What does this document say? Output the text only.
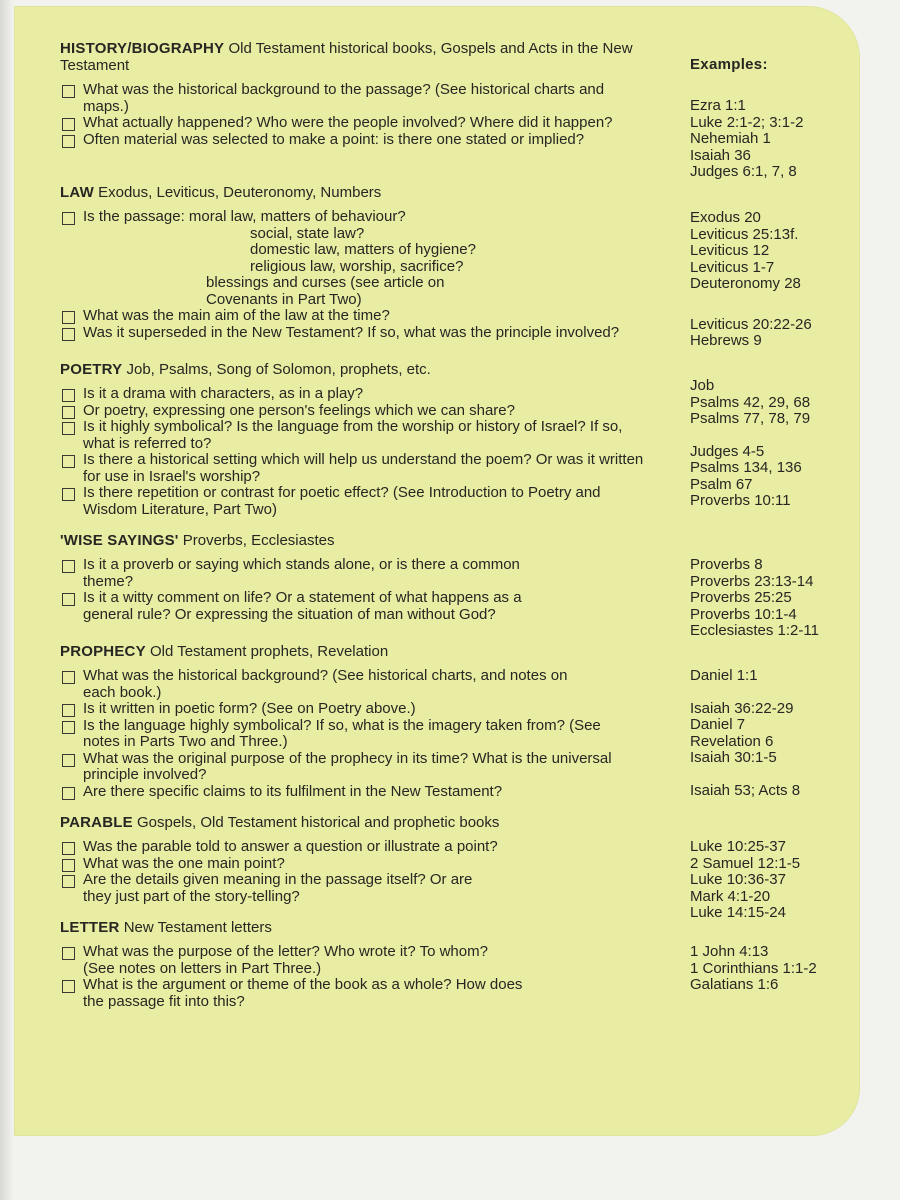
Examples:
HISTORY/BIOGRAPHY Old Testament historical books, Gospels and Acts in the New Testament
What was the historical background to the passage? (See historical charts and maps.)
What actually happened? Who were the people involved? Where did it happen?
Often material was selected to make a point: is there one stated or implied?
Ezra 1:1
Luke 2:1-2; 3:1-2
Nehemiah 1
Isaiah 36
Judges 6:1, 7, 8
LAW Exodus, Leviticus, Deuteronomy, Numbers
Is the passage: moral law, matters of behaviour?
social, state law?
domestic law, matters of hygiene?
religious law, worship, sacrifice?
blessings and curses (see article on Covenants in Part Two)
What was the main aim of the law at the time?
Was it superseded in the New Testament? If so, what was the principle involved?
Exodus 20
Leviticus 25:13f.
Leviticus 12
Leviticus 1-7
Deuteronomy 28
Leviticus 20:22-26
Hebrews 9
POETRY Job, Psalms, Song of Solomon, prophets, etc.
Is it a drama with characters, as in a play?
Or poetry, expressing one person's feelings which we can share?
Is it highly symbolical? Is the language from the worship or history of Israel? If so, what is referred to?
Is there a historical setting which will help us understand the poem? Or was it written for use in Israel's worship?
Is there repetition or contrast for poetic effect? (See Introduction to Poetry and Wisdom Literature, Part Two)
Job
Psalms 42, 29, 68
Psalms 77, 78, 79
Judges 4-5
Psalms 134, 136
Psalm 67
Proverbs 10:11
'WISE SAYINGS' Proverbs, Ecclesiastes
Is it a proverb or saying which stands alone, or is there a common theme?
Is it a witty comment on life? Or a statement of what happens as a general rule? Or expressing the situation of man without God?
Proverbs 8
Proverbs 23:13-14
Proverbs 25:25
Proverbs 10:1-4
Ecclesiastes 1:2-11
PROPHECY Old Testament prophets, Revelation
What was the historical background? (See historical charts, and notes on each book.)
Is it written in poetic form? (See on Poetry above.)
Is the language highly symbolical? If so, what is the imagery taken from? (See notes in Parts Two and Three.)
What was the original purpose of the prophecy in its time? What is the universal principle involved?
Are there specific claims to its fulfilment in the New Testament?
Daniel 1:1
Isaiah 36:22-29
Daniel 7
Revelation 6
Isaiah 30:1-5
Isaiah 53; Acts 8
PARABLE Gospels, Old Testament historical and prophetic books
Was the parable told to answer a question or illustrate a point?
What was the one main point?
Are the details given meaning in the passage itself? Or are they just part of the story-telling?
Luke 10:25-37
2 Samuel 12:1-5
Luke 10:36-37
Mark 4:1-20
Luke 14:15-24
LETTER New Testament letters
What was the purpose of the letter? Who wrote it? To whom? (See notes on letters in Part Three.)
What is the argument or theme of the book as a whole? How does the passage fit into this?
1 John 4:13
1 Corinthians 1:1-2
Galatians 1:6
